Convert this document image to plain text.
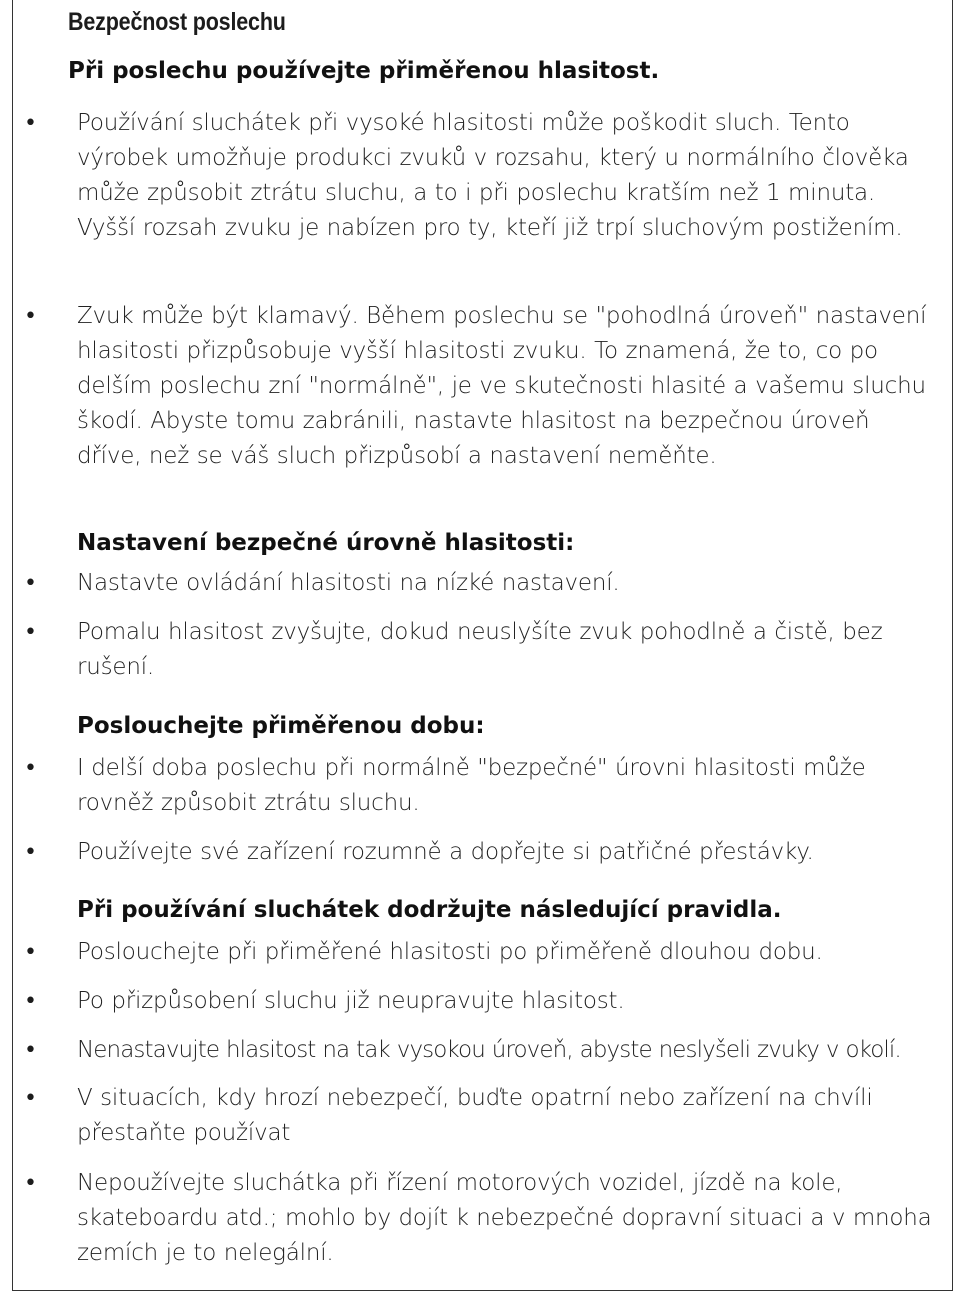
Bezpečnost poslechu
Při poslechu používejte přiměřenou hlasitost.
• Používání sluchátek při vysoké hlasitosti může poškodit sluch. Tento výrobek umožňuje produkci zvuků v rozsahu, který u normálního člověka může způsobit ztrátu sluchu, a to i při poslechu kratším než 1 minuta. Vyšší rozsah zvuku je nabízen pro ty, kteří již trpí sluchovým postižením.

• Zvuk může být klamavý. Během poslechu se "pohodlná úroveň" nastavení hlasitosti přizpůsobuje vyšší hlasitosti zvuku. To znamená, že to, co po delším poslechu zní "normálně", je ve skutečnosti hlasité a vašemu sluchu škodí. Abyste tomu zabránili, nastavte hlasitost na bezpečnou úroveň dříve, než se váš sluch přizpůsobí a nastavení neměňte.

Nastavení bezpečné úrovně hlasitosti:
• Nastavte ovládání hlasitosti na nízké nastavení.

• Pomalu hlasitost zvyšujte, dokud neuslyšíte zvuk pohodlně a čistě, bez rušení.

Poslouchejte přiměřenou dobu:
• I delší doba poslechu při normálně "bezpečné" úrovni hlasitosti může rovněž způsobit ztrátu sluchu.

• Používejte své zařízení rozumně a dopřejte si patřičné přestávky.

Při používání sluchátek dodržujte následující pravidla.
• Poslouchejte při přiměřené hlasitosti po přiměřeně dlouhou dobu.

• Po přizpůsobení sluchu již neupravujte hlasitost.

• Nenastavujte hlasitost na tak vysokou úroveň, abyste neslyšeli zvuky v okolí.

• V situacích, kdy hrozí nebezpečí, buďte opatrní nebo zařízení na chvíli přestaňte používat

• Nepoužívejte sluchátka při řízení motorových vozidel, jízdě na kole, skateboardu atd.; mohlo by dojít k nebezpečné dopravní situaci a v mnoha zemích je to nelegální.
